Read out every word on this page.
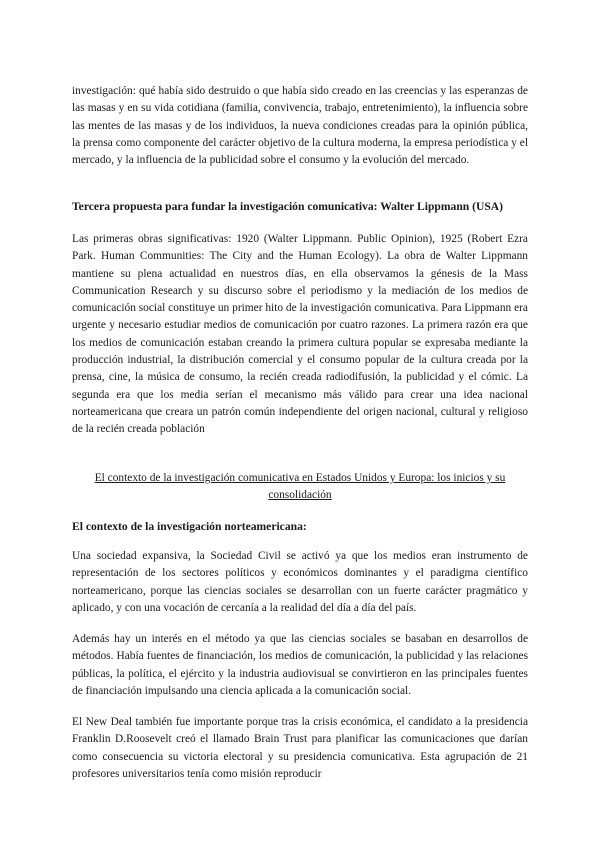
investigación: qué había sido destruido o que había sido creado en las creencias y las esperanzas de las masas y en su vida cotidiana (familia, convivencia, trabajo, entretenimiento), la influencia sobre las mentes de las masas y de los individuos, la nueva condiciones creadas para la opinión pública, la prensa como componente del carácter objetivo de la cultura moderna, la empresa periodística y el mercado, y la influencia de la publicidad sobre el consumo y la evolución del mercado.

Tercera propuesta para fundar la investigación comunicativa: Walter Lippmann (USA)

Las primeras obras significativas: 1920 (Walter Lippmann. Public Opinion), 1925 (Robert Ezra Park. Human Communities: The City and the Human Ecology). La obra de Walter Lippmann mantiene su plena actualidad en nuestros días, en ella observamos la génesis de la Mass Communication Research y su discurso sobre el periodismo y la mediación de los medios de comunicación social constituye un primer hito de la investigación comunicativa. Para Lippmann era urgente y necesario estudiar medios de comunicación por cuatro razones. La primera razón era que los medios de comunicación estaban creando la primera cultura popular se expresaba mediante la producción industrial, la distribución comercial y el consumo popular de la cultura creada por la prensa, cine, la música de consumo, la recién creada radiodifusión, la publicidad y el cómic. La segunda era que los media serían el mecanismo más válido para crear una idea nacional norteamericana que creara un patrón común independiente del origen nacional, cultural y religioso de la recién creada población

El contexto de la investigación comunicativa en Estados Unidos y Europa: los inicios y su consolidación

El contexto de la investigación norteamericana:

Una sociedad expansiva, la Sociedad Civil se activó ya que los medios eran instrumento de representación de los sectores políticos y económicos dominantes y el paradigma científico norteamericano, porque las ciencias sociales se desarrollan con un fuerte carácter pragmático y aplicado, y con una vocación de cercanía a la realidad del día a día del país.

Además hay un interés en el método ya que las ciencias sociales se basaban en desarrollos de métodos. Había fuentes de financiación, los medios de comunicación, la publicidad y las relaciones públicas, la política, el ejército y la industria audiovisual se convirtieron en las principales fuentes de financiación impulsando una ciencia aplicada a la comunicación social.

El New Deal también fue importante porque tras la crisis económica, el candidato a la presidencia Franklin D.Roosevelt creó el llamado Brain Trust para planificar las comunicaciones que darían como consecuencia su victoria electoral y su presidencia comunicativa. Esta agrupación de 21 profesores universitarios tenía como misión reproducir
